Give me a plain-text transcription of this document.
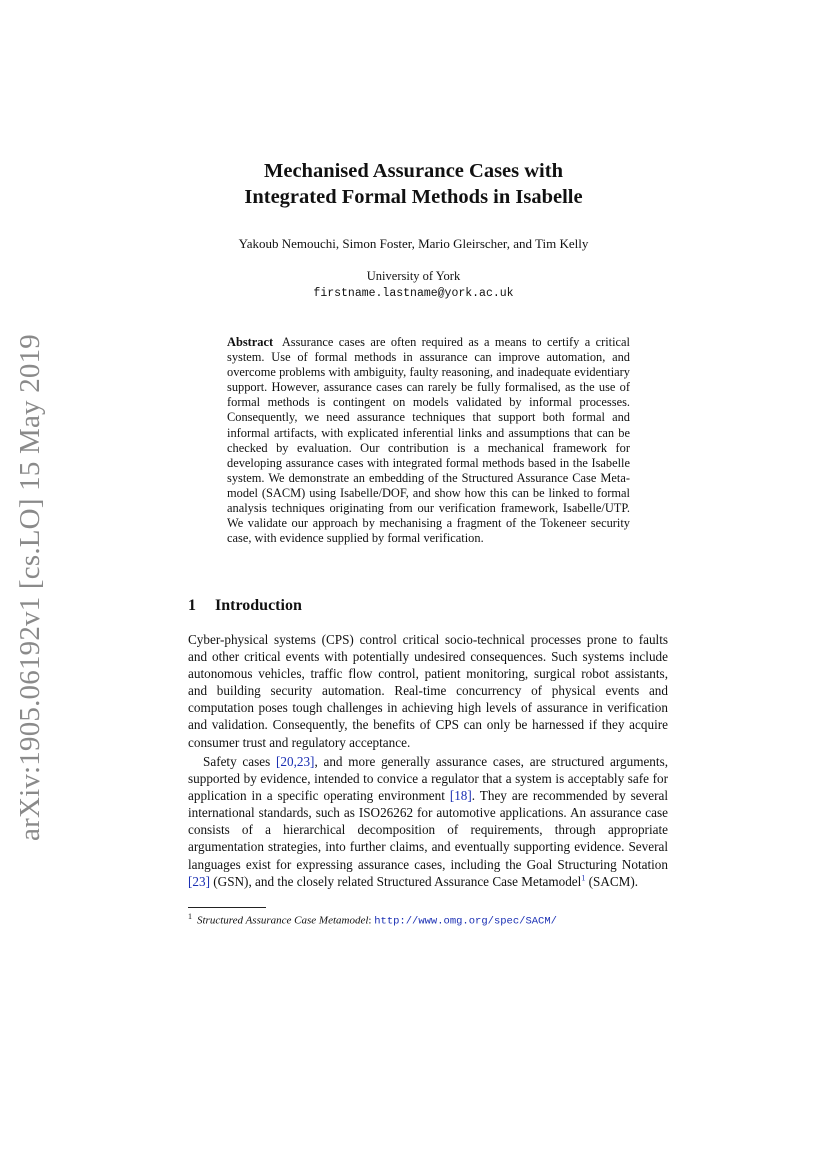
arXiv:1905.06192v1 [cs.LO] 15 May 2019
Mechanised Assurance Cases with
Integrated Formal Methods in Isabelle
Yakoub Nemouchi, Simon Foster, Mario Gleirscher, and Tim Kelly
University of York
firstname.lastname@york.ac.uk
Abstract Assurance cases are often required as a means to certify a critical system. Use of formal methods in assurance can improve automation, and overcome problems with ambiguity, faulty reasoning, and inadequate evidentiary support. However, assurance cases can rarely be fully formalised, as the use of formal methods is contingent on models validated by informal processes. Consequently, we need assurance techniques that support both formal and informal artifacts, with explicated inferential links and assumptions that can be checked by evaluation. Our contribution is a mechanical framework for developing assurance cases with integrated formal methods based in the Isabelle system. We demonstrate an embedding of the Structured Assurance Case Meta-model (SACM) using Isabelle/DOF, and show how this can be linked to formal analysis techniques originating from our verification framework, Isabelle/UTP. We validate our approach by mechanising a fragment of the Tokeneer security case, with evidence supplied by formal verification.
1 Introduction

Cyber-physical systems (CPS) control critical socio-technical processes prone to faults and other critical events with potentially undesired consequences. Such systems include autonomous vehicles, traffic flow control, patient monitoring, surgical robot assistants, and building security automation. Real-time concurrency of physical events and computation poses tough challenges in achieving high levels of assurance in verification and validation. Consequently, the benefits of CPS can only be harnessed if they acquire consumer trust and regulatory acceptance.

Safety cases [20,23], and more generally assurance cases, are structured arguments, supported by evidence, intended to convice a regulator that a system is acceptably safe for application in a specific operating environment [18]. They are recommended by several international standards, such as ISO26262 for automotive applications. An assurance case consists of a hierarchical decomposition of requirements, through appropriate argumentation strategies, into further claims, and eventually supporting evidence. Several languages exist for expressing assurance cases, including the Goal Structuring Notation [23] (GSN), and the closely related Structured Assurance Case Metamodel$^1$ (SACM).

$^1$ Structured Assurance Case Metamodel: http://www.omg.org/spec/SACM/
